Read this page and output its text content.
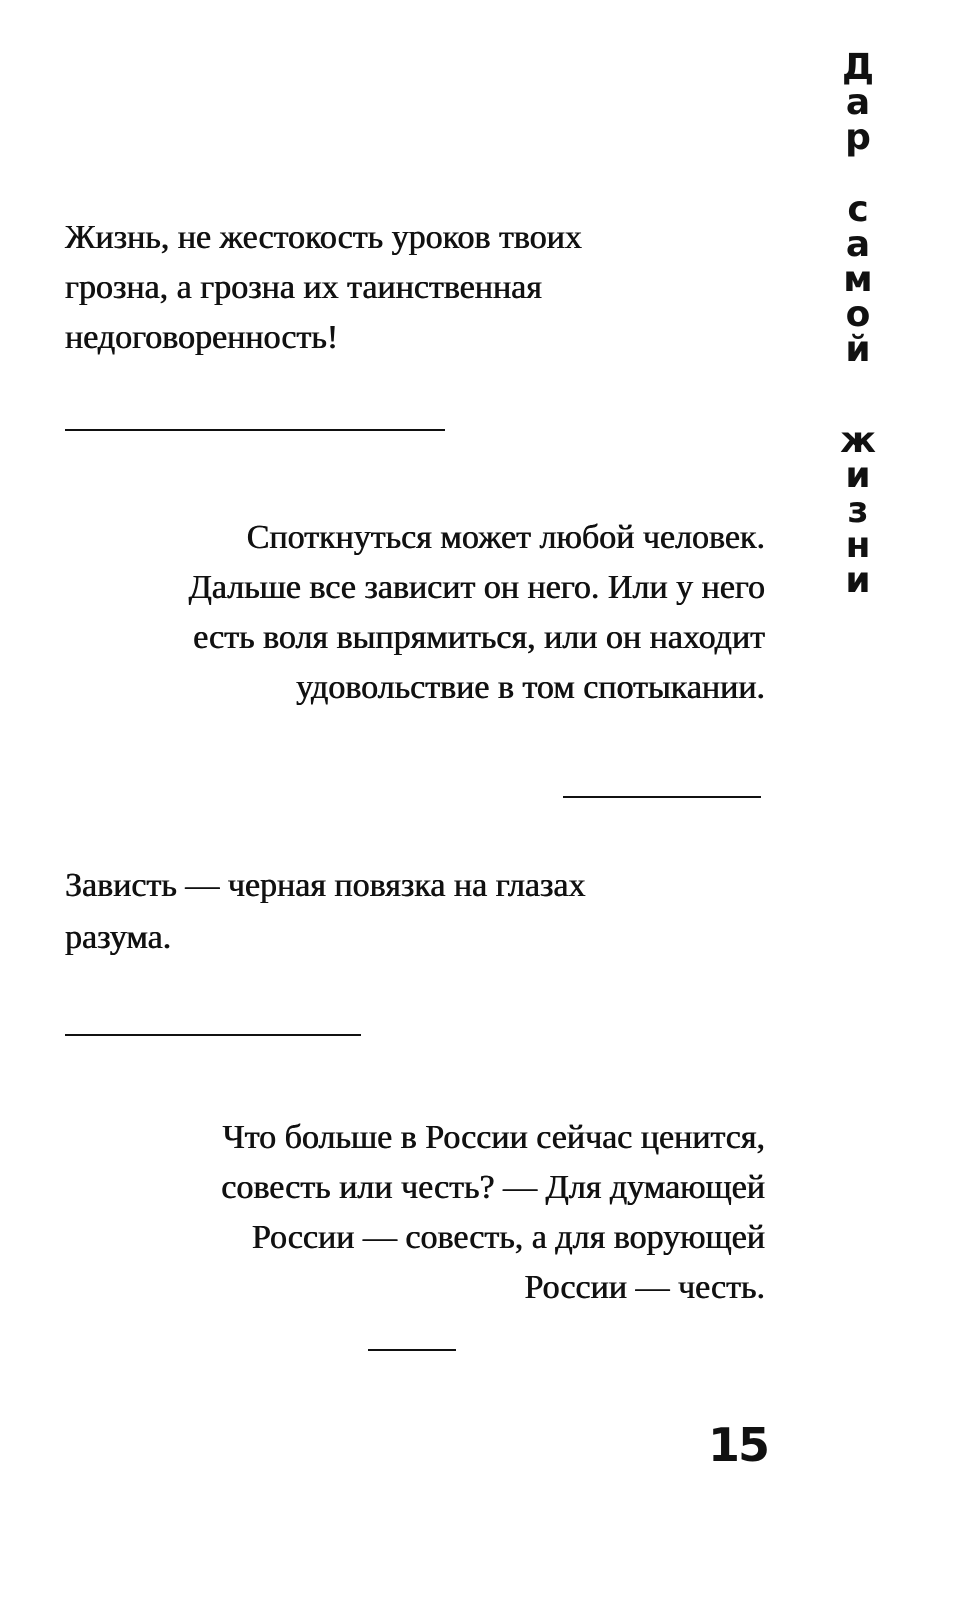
Дар
самой
жизни
Жизнь, не жестокость уроков твоих
грозна, а грозна их таинственная
недоговоренность!
Споткнуться может любой человек.
Дальше все зависит он него. Или у него
есть воля выпрямиться, или он находит
удовольствие в том спотыкании.
Зависть — черная повязка на глазах
разума.
Что больше в России сейчас ценится,
совесть или честь? — Для думающей
России — совесть, а для ворующей
России — честь.
15
